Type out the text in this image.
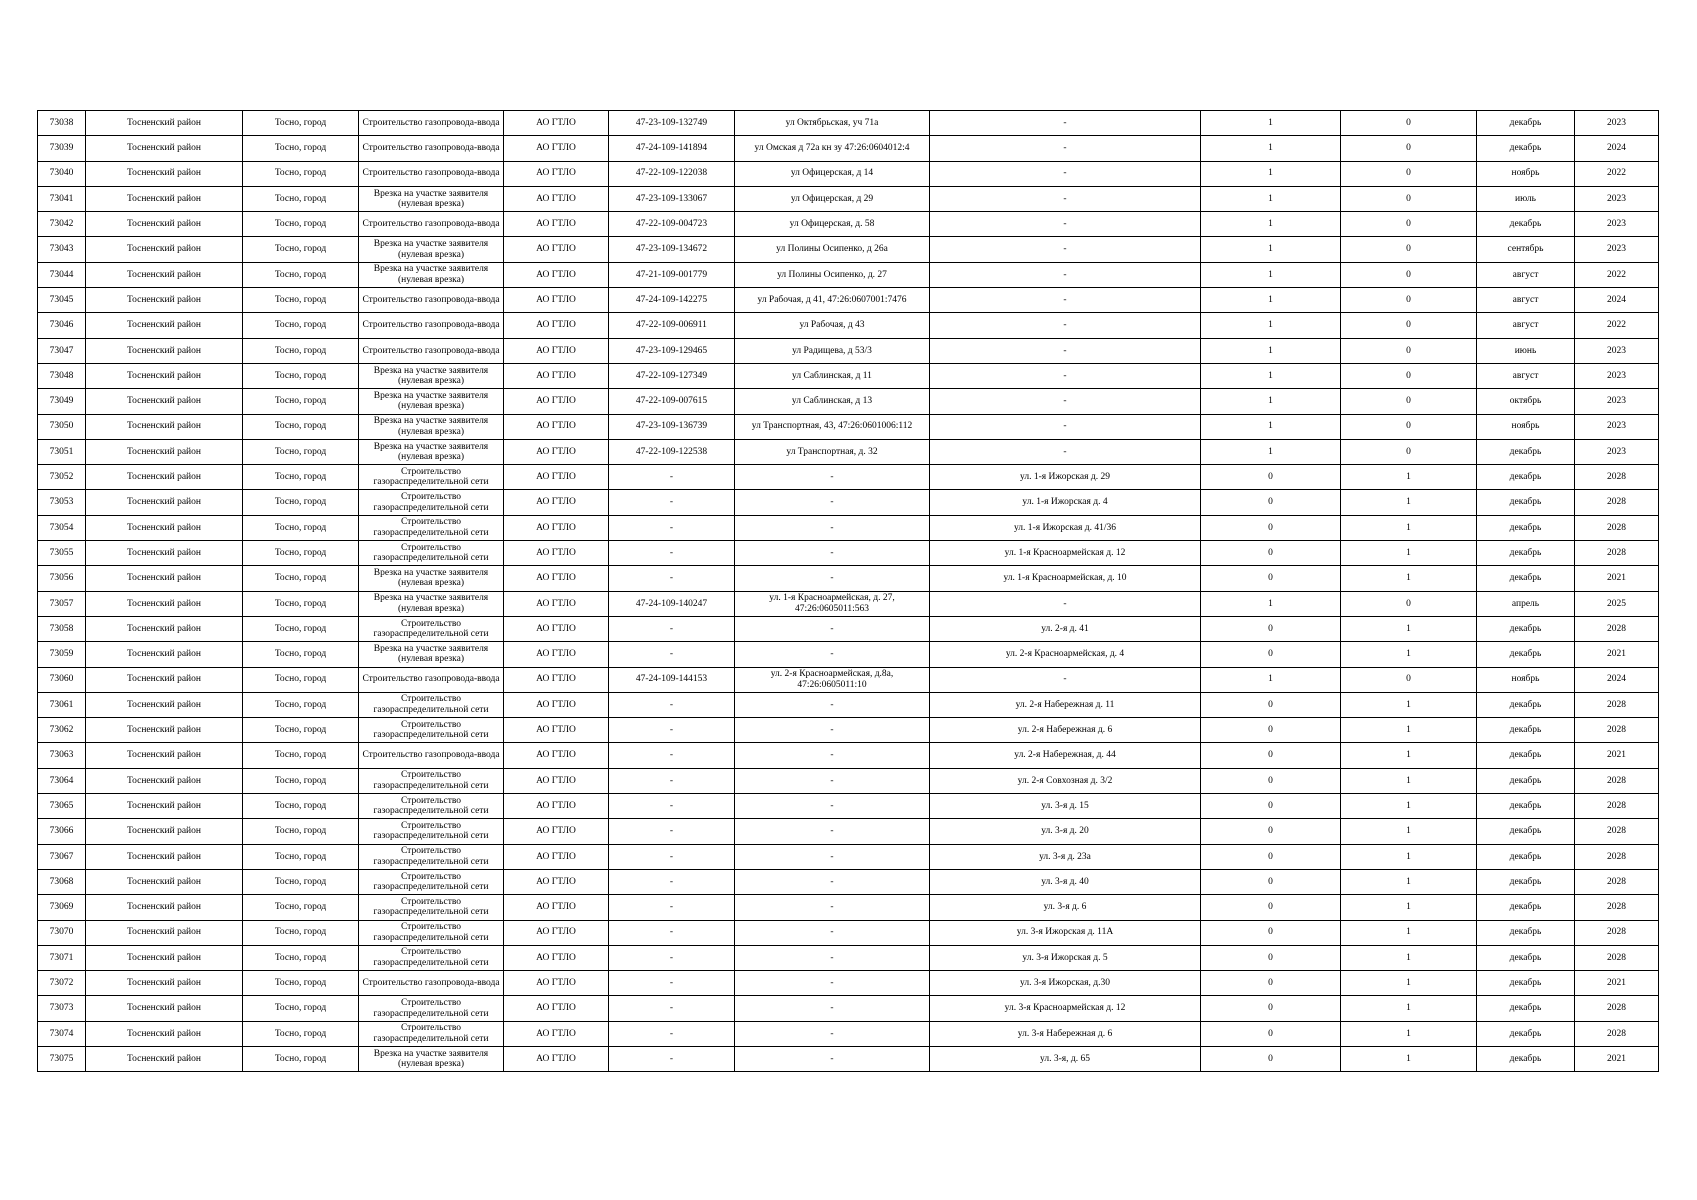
73038	Тосненский район	Тосно, город	Строительство газопровода-ввода	АО ГТЛО	47-23-109-132749	ул Октябрьская, уч 71а	-	1	0	декабрь	2023
73039	Тосненский район	Тосно, город	Строительство газопровода-ввода	АО ГТЛО	47-24-109-141894	ул Омская д 72а кн зу 47:26:0604012:4	-	1	0	декабрь	2024
73040	Тосненский район	Тосно, город	Строительство газопровода-ввода	АО ГТЛО	47-22-109-122038	ул Офицерская, д 14	-	1	0	ноябрь	2022
73041	Тосненский район	Тосно, город	Врезка на участке заявителя (нулевая врезка)	АО ГТЛО	47-23-109-133067	ул Офицерская, д 29	-	1	0	июль	2023
73042	Тосненский район	Тосно, город	Строительство газопровода-ввода	АО ГТЛО	47-22-109-004723	ул Офицерская, д. 58	-	1	0	декабрь	2023
73043	Тосненский район	Тосно, город	Врезка на участке заявителя (нулевая врезка)	АО ГТЛО	47-23-109-134672	ул Полины Осипенко, д 26а	-	1	0	сентябрь	2023
73044	Тосненский район	Тосно, город	Врезка на участке заявителя (нулевая врезка)	АО ГТЛО	47-21-109-001779	ул Полины Осипенко, д. 27	-	1	0	август	2022
73045	Тосненский район	Тосно, город	Строительство газопровода-ввода	АО ГТЛО	47-24-109-142275	ул Рабочая, д 41, 47:26:0607001:7476	-	1	0	август	2024
73046	Тосненский район	Тосно, город	Строительство газопровода-ввода	АО ГТЛО	47-22-109-006911	ул Рабочая, д 43	-	1	0	август	2022
73047	Тосненский район	Тосно, город	Строительство газопровода-ввода	АО ГТЛО	47-23-109-129465	ул Радищева, д 53/3	-	1	0	июнь	2023
73048	Тосненский район	Тосно, город	Врезка на участке заявителя (нулевая врезка)	АО ГТЛО	47-22-109-127349	ул Саблинская, д 11	-	1	0	август	2023
73049	Тосненский район	Тосно, город	Врезка на участке заявителя (нулевая врезка)	АО ГТЛО	47-22-109-007615	ул Саблинская, д 13	-	1	0	октябрь	2023
73050	Тосненский район	Тосно, город	Врезка на участке заявителя (нулевая врезка)	АО ГТЛО	47-23-109-136739	ул Транспортная, 43, 47:26:0601006:112	-	1	0	ноябрь	2023
73051	Тосненский район	Тосно, город	Врезка на участке заявителя (нулевая врезка)	АО ГТЛО	47-22-109-122538	ул Транспортная, д. 32	-	1	0	декабрь	2023
73052	Тосненский район	Тосно, город	Строительство газораспределительной сети	АО ГТЛО	-	-	ул. 1-я Ижорская д. 29	0	1	декабрь	2028
73053	Тосненский район	Тосно, город	Строительство газораспределительной сети	АО ГТЛО	-	-	ул. 1-я Ижорская д. 4	0	1	декабрь	2028
73054	Тосненский район	Тосно, город	Строительство газораспределительной сети	АО ГТЛО	-	-	ул. 1-я Ижорская д. 41/36	0	1	декабрь	2028
73055	Тосненский район	Тосно, город	Строительство газораспределительной сети	АО ГТЛО	-	-	ул. 1-я Красноармейская д. 12	0	1	декабрь	2028
73056	Тосненский район	Тосно, город	Врезка на участке заявителя (нулевая врезка)	АО ГТЛО	-	-	ул. 1-я Красноармейская, д. 10	0	1	декабрь	2021
73057	Тосненский район	Тосно, город	Врезка на участке заявителя (нулевая врезка)	АО ГТЛО	47-24-109-140247	ул. 1-я Красноармейская, д. 27, 47:26:0605011:563	-	1	0	апрель	2025
73058	Тосненский район	Тосно, город	Строительство газораспределительной сети	АО ГТЛО	-	-	ул. 2-я д. 41	0	1	декабрь	2028
73059	Тосненский район	Тосно, город	Врезка на участке заявителя (нулевая врезка)	АО ГТЛО	-	-	ул. 2-я Красноармейская, д. 4	0	1	декабрь	2021
73060	Тосненский район	Тосно, город	Строительство газопровода-ввода	АО ГТЛО	47-24-109-144153	ул. 2-я Красноармейская, д.8а, 47:26:0605011:10	-	1	0	ноябрь	2024
73061	Тосненский район	Тосно, город	Строительство газораспределительной сети	АО ГТЛО	-	-	ул. 2-я Набережная д. 11	0	1	декабрь	2028
73062	Тосненский район	Тосно, город	Строительство газораспределительной сети	АО ГТЛО	-	-	ул. 2-я Набережная д. 6	0	1	декабрь	2028
73063	Тосненский район	Тосно, город	Строительство газопровода-ввода	АО ГТЛО	-	-	ул. 2-я Набережная, д. 44	0	1	декабрь	2021
73064	Тосненский район	Тосно, город	Строительство газораспределительной сети	АО ГТЛО	-	-	ул. 2-я Совхозная д. 3/2	0	1	декабрь	2028
73065	Тосненский район	Тосно, город	Строительство газораспределительной сети	АО ГТЛО	-	-	ул. 3-я д. 15	0	1	декабрь	2028
73066	Тосненский район	Тосно, город	Строительство газораспределительной сети	АО ГТЛО	-	-	ул. 3-я д. 20	0	1	декабрь	2028
73067	Тосненский район	Тосно, город	Строительство газораспределительной сети	АО ГТЛО	-	-	ул. 3-я д. 23а	0	1	декабрь	2028
73068	Тосненский район	Тосно, город	Строительство газораспределительной сети	АО ГТЛО	-	-	ул. 3-я д. 40	0	1	декабрь	2028
73069	Тосненский район	Тосно, город	Строительство газораспределительной сети	АО ГТЛО	-	-	ул. 3-я д. 6	0	1	декабрь	2028
73070	Тосненский район	Тосно, город	Строительство газораспределительной сети	АО ГТЛО	-	-	ул. 3-я Ижорская д. 11А	0	1	декабрь	2028
73071	Тосненский район	Тосно, город	Строительство газораспределительной сети	АО ГТЛО	-	-	ул. 3-я Ижорская д. 5	0	1	декабрь	2028
73072	Тосненский район	Тосно, город	Строительство газопровода-ввода	АО ГТЛО	-	-	ул. 3-я Ижорская, д.30	0	1	декабрь	2021
73073	Тосненский район	Тосно, город	Строительство газораспределительной сети	АО ГТЛО	-	-	ул. 3-я Красноармейская д. 12	0	1	декабрь	2028
73074	Тосненский район	Тосно, город	Строительство газораспределительной сети	АО ГТЛО	-	-	ул. 3-я Набережная д. 6	0	1	декабрь	2028
73075	Тосненский район	Тосно, город	Врезка на участке заявителя (нулевая врезка)	АО ГТЛО	-	-	ул. 3-я, д. 65	0	1	декабрь	2021
